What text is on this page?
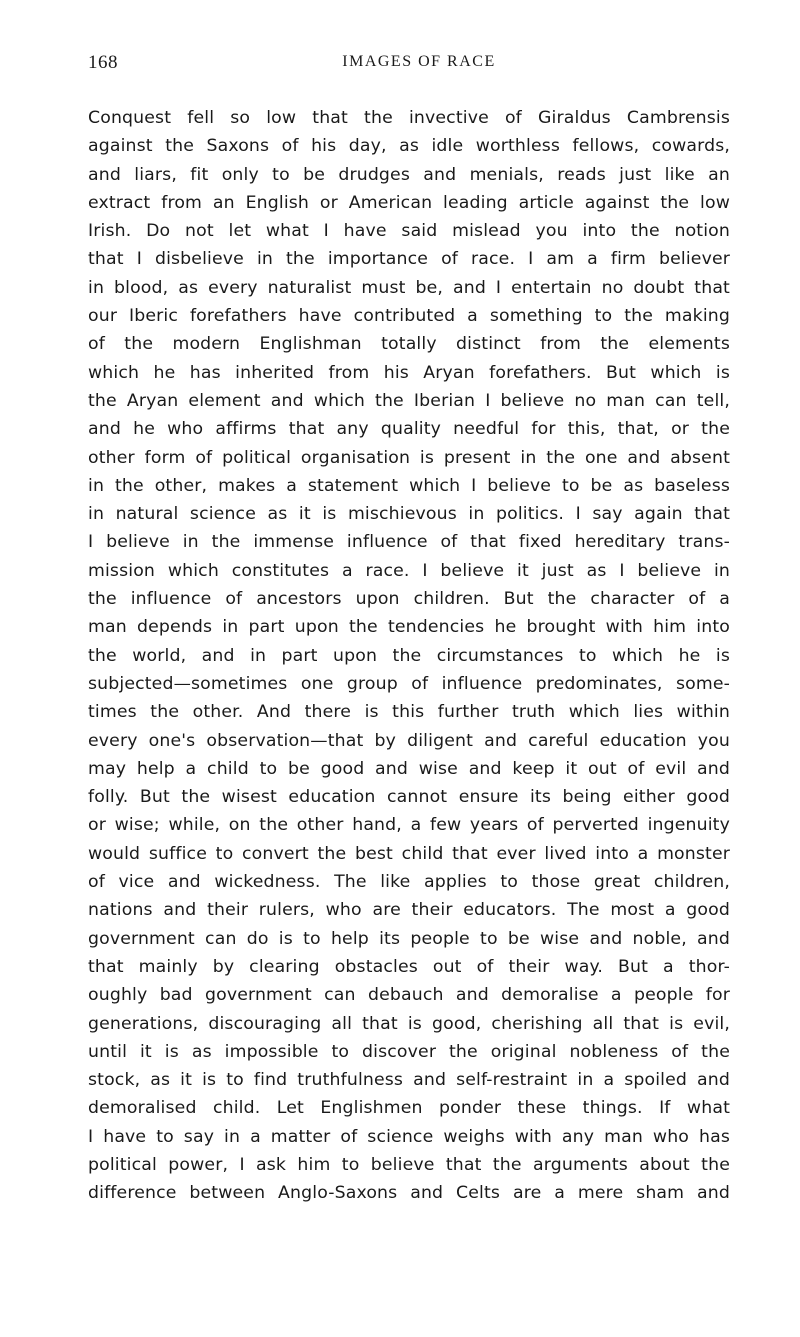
168	IMAGES OF RACE
Conquest fell so low that the invective of Giraldus Cambrensis
against the Saxons of his day, as idle worthless fellows, cowards,
and liars, fit only to be drudges and menials, reads just like an
extract from an English or American leading article against the low
Irish. Do not let what I have said mislead you into the notion
that I disbelieve in the importance of race. I am a firm believer
in blood, as every naturalist must be, and I entertain no doubt that
our Iberic forefathers have contributed a something to the making
of the modern Englishman totally distinct from the elements
which he has inherited from his Aryan forefathers. But which is
the Aryan element and which the Iberian I believe no man can tell,
and he who affirms that any quality needful for this, that, or the
other form of political organisation is present in the one and absent
in the other, makes a statement which I believe to be as baseless
in natural science as it is mischievous in politics. I say again that
I believe in the immense influence of that fixed hereditary trans-
mission which constitutes a race. I believe it just as I believe in
the influence of ancestors upon children. But the character of a
man depends in part upon the tendencies he brought with him into
the world, and in part upon the circumstances to which he is
subjected—sometimes one group of influence predominates, some-
times the other. And there is this further truth which lies within
every one's observation—that by diligent and careful education you
may help a child to be good and wise and keep it out of evil and
folly. But the wisest education cannot ensure its being either good
or wise; while, on the other hand, a few years of perverted ingenuity
would suffice to convert the best child that ever lived into a monster
of vice and wickedness. The like applies to those great children,
nations and their rulers, who are their educators. The most a good
government can do is to help its people to be wise and noble, and
that mainly by clearing obstacles out of their way. But a thor-
oughly bad government can debauch and demoralise a people for
generations, discouraging all that is good, cherishing all that is evil,
until it is as impossible to discover the original nobleness of the
stock, as it is to find truthfulness and self-restraint in a spoiled and
demoralised child. Let Englishmen ponder these things. If what
I have to say in a matter of science weighs with any man who has
political power, I ask him to believe that the arguments about the
difference between Anglo-Saxons and Celts are a mere sham and
